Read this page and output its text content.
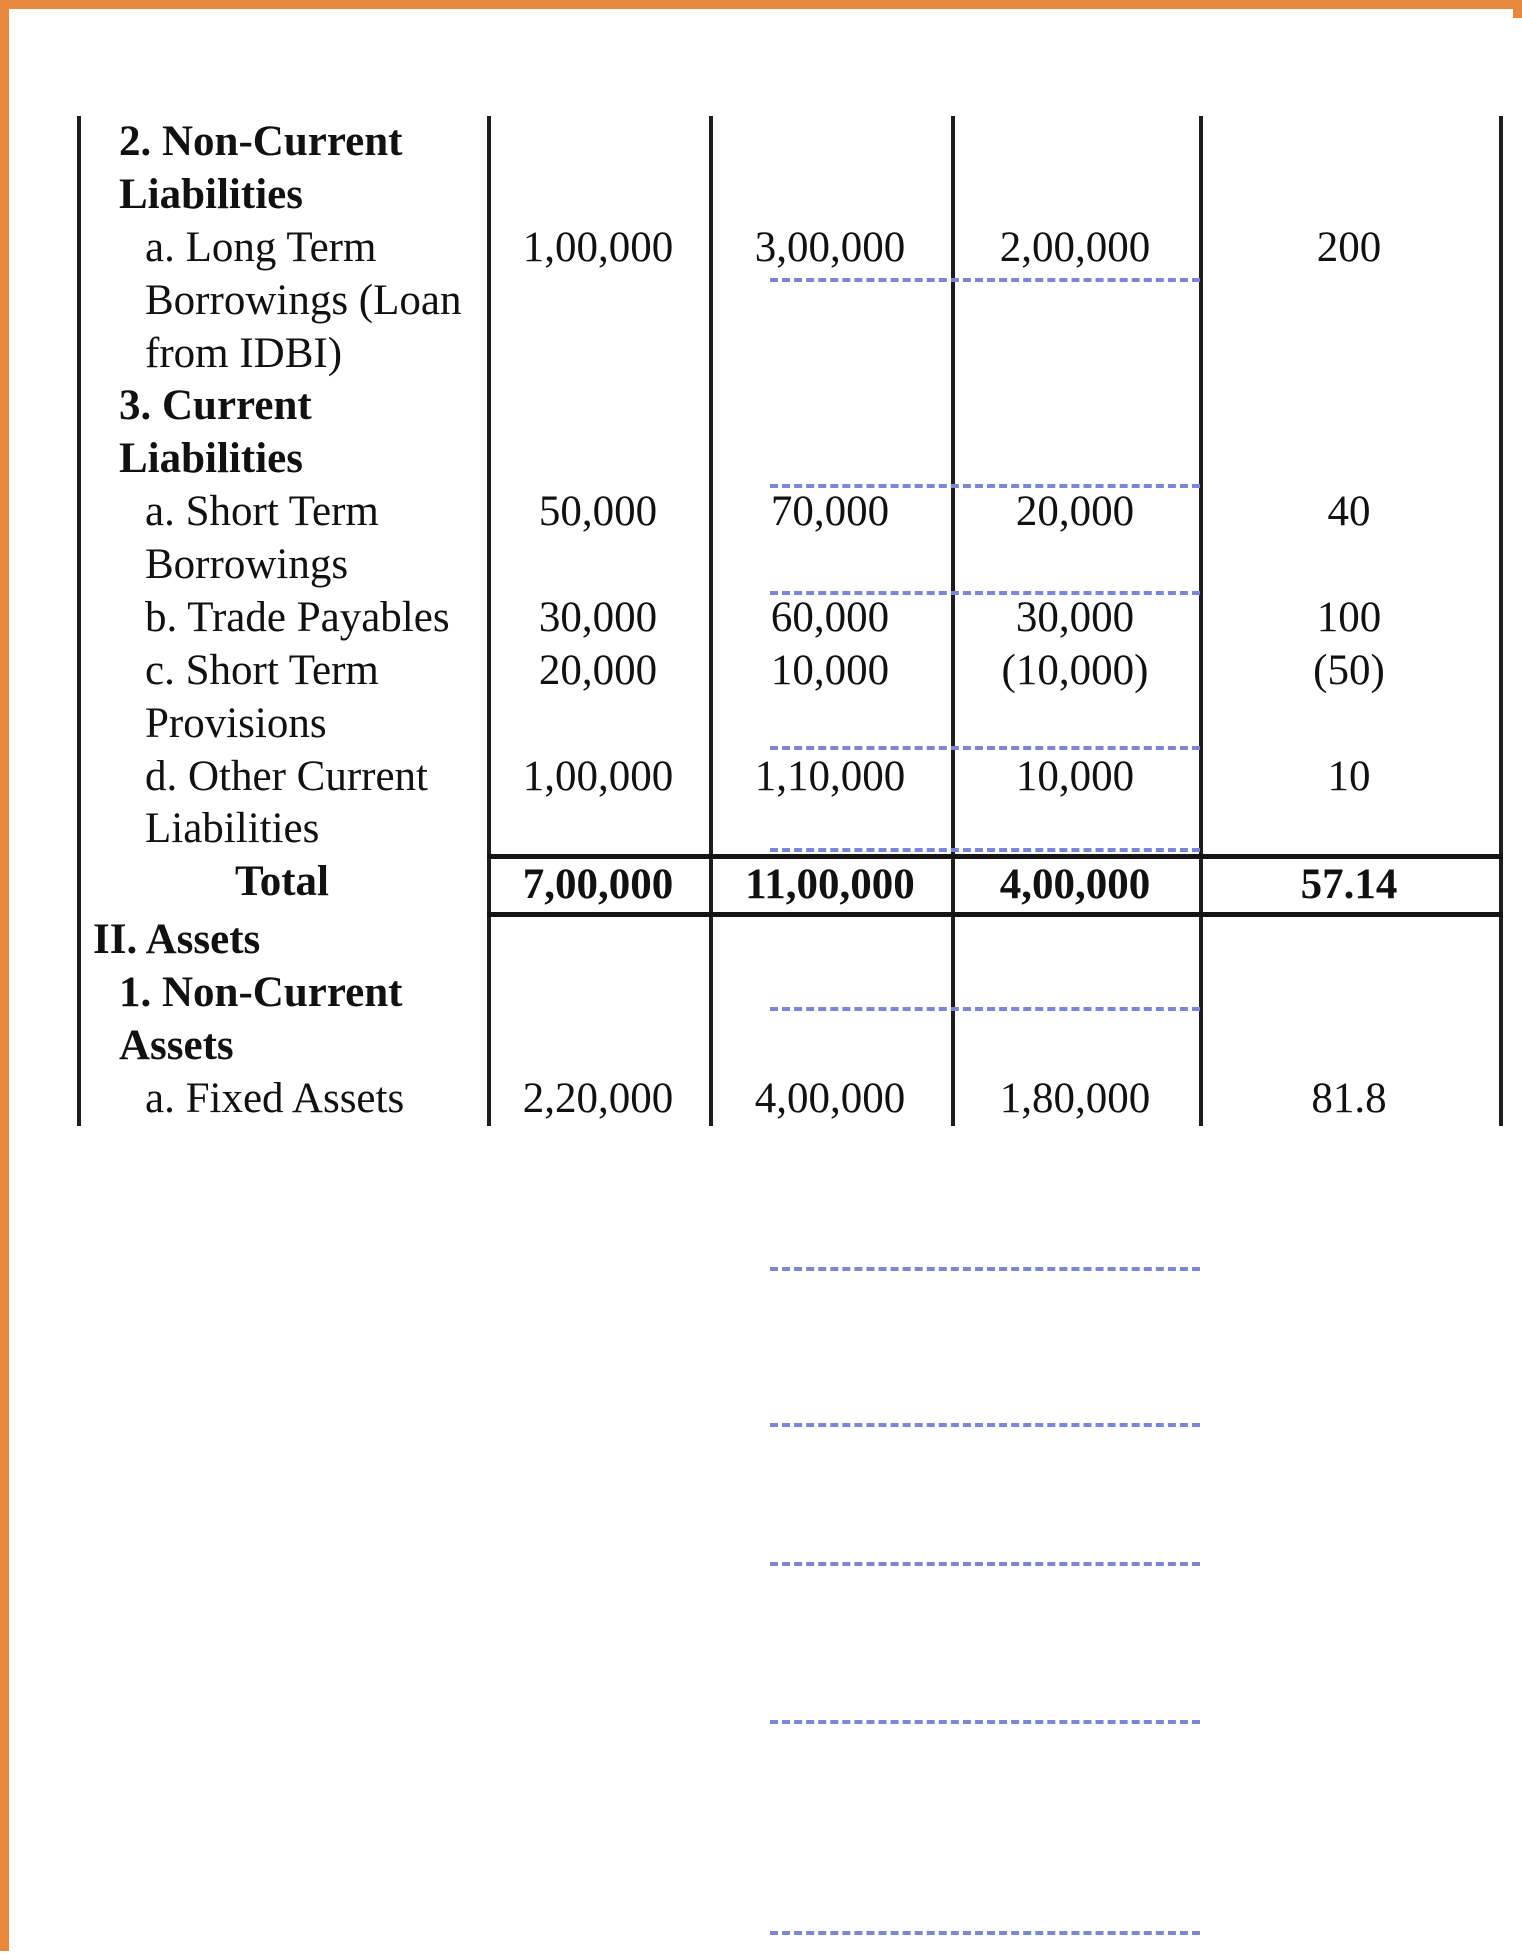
2. Non-Current Liabilities				

a. Long Term Borrowings (Loan from IDBI)	1,00,000	3,00,000	2,00,000	200

3. Current Liabilities				

a. Short Term Borrowings	50,000	70,000	20,000	40

b. Trade Payables	30,000	60,000	30,000	100

c. Short Term Provisions	20,000	10,000	(10,000)	(50)

d. Other Current Liabilities	1,00,000	1,10,000	10,000	10

Total	7,00,000	11,00,000	4,00,000	57.14

II. Assets				

1. Non-Current Assets				

a. Fixed Assets	2,20,000	4,00,000	1,80,000	81.8
